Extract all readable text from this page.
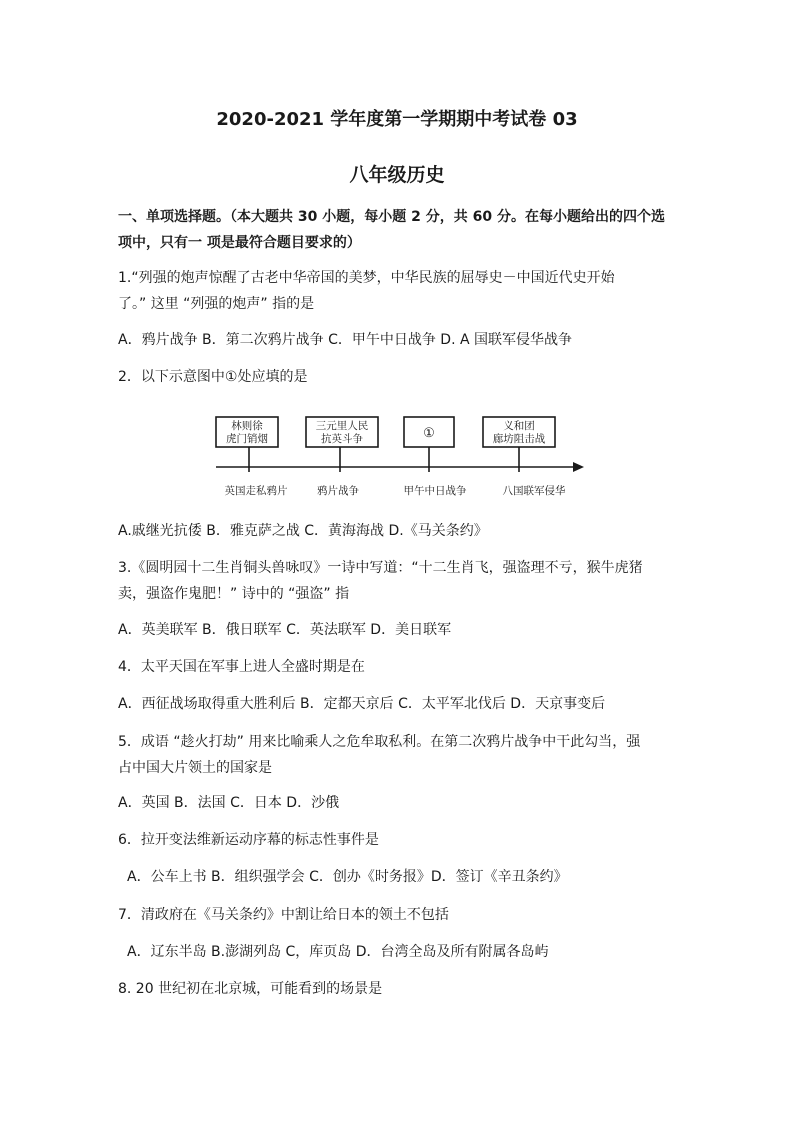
2020-2021 学年度第一学期期中考试卷 03
八年级历史
一、单项选择题。（本大题共 30 小题，每小题 2 分，共 60 分。在每小题给出的四个选
项中，只有一 项是最符合题目要求的）
1.“列强的炮声惊醒了古老中华帝国的美梦，中华民族的屈辱史－中国近代史开始
了。” 这里 “列强的炮声” 指的是
A．鸦片战争 B．第二次鸦片战争 C．甲午中日战争 D. A 国联军侵华战争
2．以下示意图中①处应填的是
林则徐
虎门销烟
三元里人民
抗英斗争	①	义和团
廊坊阻击战
英国走私鸦片	鸦片战争	甲午中日战争	八国联军侵华
A.戚继光抗倭 B．雅克萨之战 C．黄海海战 D.《马关条约》
3.《圆明园十二生肖铜头兽咏叹》一诗中写道：“十二生肖飞，强盗理不亏，猴牛虎猪
卖，强盗作鬼肥！” 诗中的 “强盗” 指
A．英美联军 B．俄日联军 C．英法联军 D．美日联军
4．太平天国在军事上进人全盛时期是在
A．西征战场取得重大胜利后 B．定都天京后 C．太平军北伐后 D．天京事变后
5．成语 “趁火打劫” 用来比喻乘人之危牟取私利。在第二次鸦片战争中干此勾当，强
占中国大片领土的国家是
A．英国 B．法国 C．日本 D．沙俄
6．拉开变法维新运动序幕的标志性事件是
A．公车上书 B．组织强学会 C．创办《时务报》D．签订《辛丑条约》
7．清政府在《马关条约》中割让给日本的领土不包括
A．辽东半岛 B.澎湖列岛 C，库页岛 D．台湾全岛及所有附属各岛屿
8. 20 世纪初在北京城，可能看到的场景是
